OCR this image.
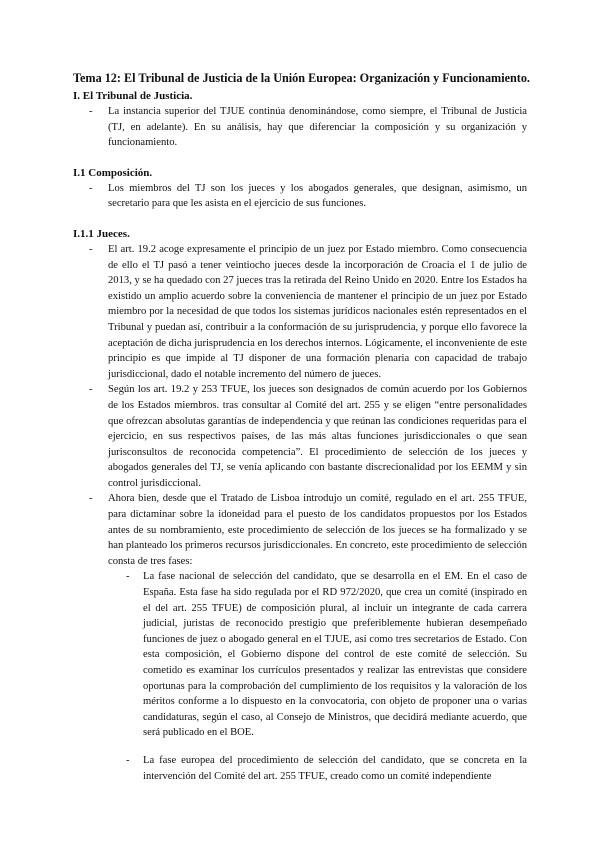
Tema 12: El Tribunal de Justicia de la Unión Europea: Organización y Funcionamiento.
I. El Tribunal de Justicia.
- La instancia superior del TJUE continúa denominándose, como siempre, el Tribunal de Justicia (TJ, en adelante). En su análisis, hay que diferenciar la composición y su organización y funcionamiento.
I.1 Composición.
- Los miembros del TJ son los jueces y los abogados generales, que designan, asimismo, un secretario para que les asista en el ejercicio de sus funciones.
I.1.1 Jueces.
- El art. 19.2 acoge expresamente el principio de un juez por Estado miembro. Como consecuencia de ello el TJ pasó a tener veintiocho jueces desde la incorporación de Croacia el 1 de julio de 2013, y se ha quedado con 27 jueces tras la retirada del Reino Unido en 2020. Entre los Estados ha existido un amplio acuerdo sobre la conveniencia de mantener el principio de un juez por Estado miembro por la necesidad de que todos los sistemas jurídicos nacionales estén representados en el Tribunal y puedan así, contribuir a la conformación de su jurisprudencia, y porque ello favorece la aceptación de dicha jurisprudencia en los derechos internos. Lógicamente, el inconveniente de este principio es que impide al TJ disponer de una formación plenaria con capacidad de trabajo jurisdiccional, dado el notable incremento del número de jueces.
- Según los art. 19.2 y 253 TFUE, los jueces son designados de común acuerdo por los Gobiernos de los Estados miembros. tras consultar al Comité del art. 255 y se eligen “entre personalidades que ofrezcan absolutas garantías de independencia y que reúnan las condiciones requeridas para el ejercicio, en sus respectivos países, de las más altas funciones jurisdiccionales o que sean jurisconsultos de reconocida competencia”. El procedimiento de selección de los jueces y abogados generales del TJ, se venía aplicando con bastante discrecionalidad por los EEMM y sin control jurisdiccional.
- Ahora bien, desde que el Tratado de Lisboa introdujo un comité, regulado en el art. 255 TFUE, para dictaminar sobre la idoneidad para el puesto de los candidatos propuestos por los Estados antes de su nombramiento, este procedimiento de selección de los jueces se ha formalizado y se han planteado los primeros recursos jurisdiccionales. En concreto, este procedimiento de selección consta de tres fases:
- La fase nacional de selección del candidato, que se desarrolla en el EM. En el caso de España. Esta fase ha sido regulada por el RD 972/2020, que crea un comité (inspirado en el del art. 255 TFUE) de composición plural, al incluir un integrante de cada carrera judicial, juristas de reconocido prestigio que preferiblemente hubieran desempeñado funciones de juez o abogado general en el TJUE, así como tres secretarios de Estado. Con esta composición, el Gobierno dispone del control de este comité de selección. Su cometido es examinar los currículos presentados y realizar las entrevistas que considere oportunas para la comprobación del cumplimiento de los requisitos y la valoración de los méritos conforme a lo dispuesto en la convocatoria, con objeto de proponer una o varias candidaturas, según el caso, al Consejo de Ministros, que decidirá mediante acuerdo, que será publicado en el BOE.
- La fase europea del procedimiento de selección del candidato, que se concreta en la intervención del Comité del art. 255 TFUE, creado como un comité independiente
